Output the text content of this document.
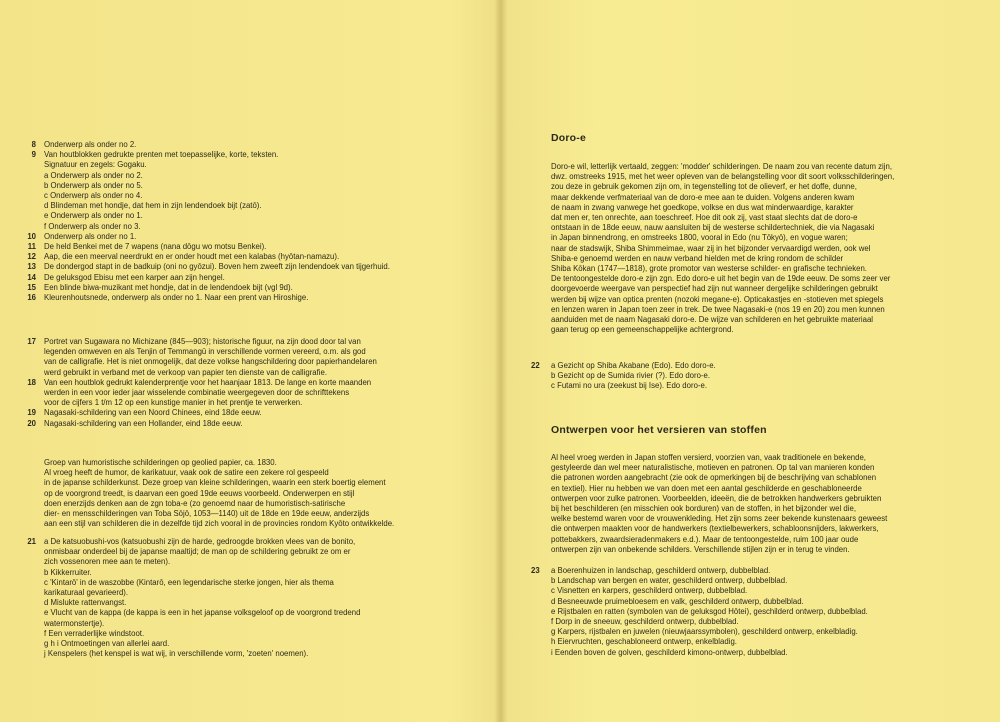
8 Onderwerp als onder no 2.
9 Van houtblokken gedrukte prenten met toepasselijke, korte, teksten.
Signatuur en zegels: Gogaku.
a Onderwerp als onder no 2.
b Onderwerp als onder no 5.
c Onderwerp als onder no 4.
d Blindeman met hondje, dat hem in zijn lendendoek bijt (zatō).
e Onderwerp als onder no 1.
f Onderwerp als onder no 3.
10 Onderwerp als onder no 1.
11 De held Benkei met de 7 wapens (nana dōgu wo motsu Benkei).
12 Aap, die een meerval neerdrukt en er onder houdt met een kalabas (hyōtan-namazu).
13 De dondergod stapt in de badkuip (oni no gyōzui). Boven hem zweeft zijn lendendoek van tijgerhuid.
14 De geluksgod Ebisu met een karper aan zijn hengel.
15 Een blinde biwa-muzikant met hondje, dat in de lendendoek bijt (vgl 9d).
16 Kleurenhoutsnede, onderwerp als onder no 1. Naar een prent van Hiroshige.
17 Portret van Sugawara no Michizane (845—903); historische figuur, na zijn dood door tal van
legenden omweven en als Tenjin of Temmangū in verschillende vormen vereerd, o.m. als god
van de calligrafie. Het is niet onmogelijk, dat deze volkse hangschildering door papierhandelaren
werd gebruikt in verband met de verkoop van papier ten dienste van de calligrafie.
18 Van een houtblok gedrukt kalenderprentje voor het haanjaar 1813. De lange en korte maanden
werden in een voor ieder jaar wisselende combinatie weergegeven door de schrifttekens
voor de cijfers 1 t/m 12 op een kunstige manier in het prentje te verwerken.
19 Nagasaki-schildering van een Noord Chinees, eind 18de eeuw.
20 Nagasaki-schildering van een Hollander, eind 18de eeuw.
Groep van humoristische schilderingen op geolied papier, ca. 1830.
Al vroeg heeft de humor, de karikatuur, vaak ook de satire een zekere rol gespeeld
in de japanse schilderkunst. Deze groep van kleine schilderingen, waarin een sterk boertig element
op de voorgrond treedt, is daarvan een goed 19de eeuws voorbeeld. Onderwerpen en stijl
doen enerzijds denken aan de zgn toba-e (zo genoemd naar de humoristisch-satirische
dier- en mensschilderingen van Toba Sōjō, 1053—1140) uit de 18de en 19de eeuw, anderzijds
aan een stijl van schilderen die in dezelfde tijd zich vooral in de provincies rondom Kyōto ontwikkelde.
21 a De katsuobushi-vos (katsuobushi zijn de harde, gedroogde brokken vlees van de bonito,
onmisbaar onderdeel bij de japanse maaltijd; de man op de schildering gebruikt ze om er
zich vossenoren mee aan te meten).
b Kikkerruiter.
c 'Kintarō' in de waszobbe (Kintarō, een legendarische sterke jongen, hier als thema
karikaturaal gevarieerd).
d Mislukte rattenvangst.
e Vlucht van de kappa (de kappa is een in het japanse volksgeloof op de voorgrond tredend
watermonstertje).
f Een verraderlijke windstoot.
g h i Ontmoetingen van allerlei aard.
j Kenspelers (het kenspel is wat wij, in verschillende vorm, 'zoeten' noemen).
Doro-e
Doro-e wil, letterlijk vertaald, zeggen: 'modder' schilderingen. De naam zou van recente datum zijn,
dwz. omstreeks 1915, met het weer opleven van de belangstelling voor dit soort volksschilderingen,
zou deze in gebruik gekomen zijn om, in tegenstelling tot de olieverf, er het doffe, dunne,
maar dekkende verfmateriaal van de doro-e mee aan te duiden. Volgens anderen kwam
de naam in zwang vanwege het goedkope, volkse en dus wat minderwaardige, karakter
dat men er, ten onrechte, aan toeschreef. Hoe dit ook zij, vast staat slechts dat de doro-e
ontstaan in de 18de eeuw, nauw aansluiten bij de westerse schildertechniek, die via Nagasaki
in Japan binnendrong, en omstreeks 1800, vooral in Edo (nu Tōkyō), en vogue waren;
naar de stadswijk, Shiba Shimmeimae, waar zij in het bijzonder vervaardigd werden, ook wel
Shiba-e genoemd werden en nauw verband hielden met de kring rondom de schilder
Shiba Kōkan (1747—1818), grote promotor van westerse schilder- en grafische technieken.
De tentoongestelde doro-e zijn zgn. Edo doro-e uit het begin van de 19de eeuw. De soms zeer ver
doorgevoerde weergave van perspectief had zijn nut wanneer dergelijke schilderingen gebruikt
werden bij wijze van optica prenten (nozoki megane-e). Opticakastjes en -stotieven met spiegels
en lenzen waren in Japan toen zeer in trek. De twee Nagasaki-e (nos 19 en 20) zou men kunnen
aanduiden met de naam Nagasaki doro-e. De wijze van schilderen en het gebruikte materiaal
gaan terug op een gemeenschappelijke achtergrond.
22 a Gezicht op Shiba Akabane (Edo). Edo doro-e.
b Gezicht op de Sumida rivier (?). Edo doro-e.
c Futami no ura (zeekust bij Ise). Edo doro-e.
Ontwerpen voor het versieren van stoffen
Al heel vroeg werden in Japan stoffen versierd, voorzien van, vaak traditionele en bekende,
gestyleerde dan wel meer naturalistische, motieven en patronen. Op tal van manieren konden
die patronen worden aangebracht (zie ook de opmerkingen bij de beschrijving van schablonen
en textiel). Hier nu hebben we van doen met een aantal geschilderde en geschabloneerde
ontwerpen voor zulke patronen. Voorbeelden, ideeën, die de betrokken handwerkers gebruikten
bij het beschilderen (en misschien ook borduren) van de stoffen, in het bijzonder wel die,
welke bestemd waren voor de vrouwenkleding. Het zijn soms zeer bekende kunstenaars geweest
die ontwerpen maakten voor de handwerkers (textielbewerkers, schabloonsnijders, lakwerkers,
pottebakkers, zwaardsieradenmakers e.d.). Maar de tentoongestelde, ruim 100 jaar oude
ontwerpen zijn van onbekende schilders. Verschillende stijlen zijn er in terug te vinden.
23 a Boerenhuizen in landschap, geschilderd ontwerp, dubbelblad.
b Landschap van bergen en water, geschilderd ontwerp, dubbelblad.
c Visnetten en karpers, geschilderd ontwerp, dubbelblad.
d Besneeuwde pruimebloesem en valk, geschilderd ontwerp, dubbelblad.
e Rijstbalen en ratten (symbolen van de geluksgod Hōtei), geschilderd ontwerp, dubbelblad.
f Dorp in de sneeuw, geschilderd ontwerp, dubbelblad.
g Karpers, rijstbalen en juwelen (nieuwjaarssymbolen), geschilderd ontwerp, enkelbladig.
h Eiervruchten, geschabloneerd ontwerp, enkelbladig.
i Eenden boven de golven, geschilderd kimono-ontwerp, dubbelblad.
